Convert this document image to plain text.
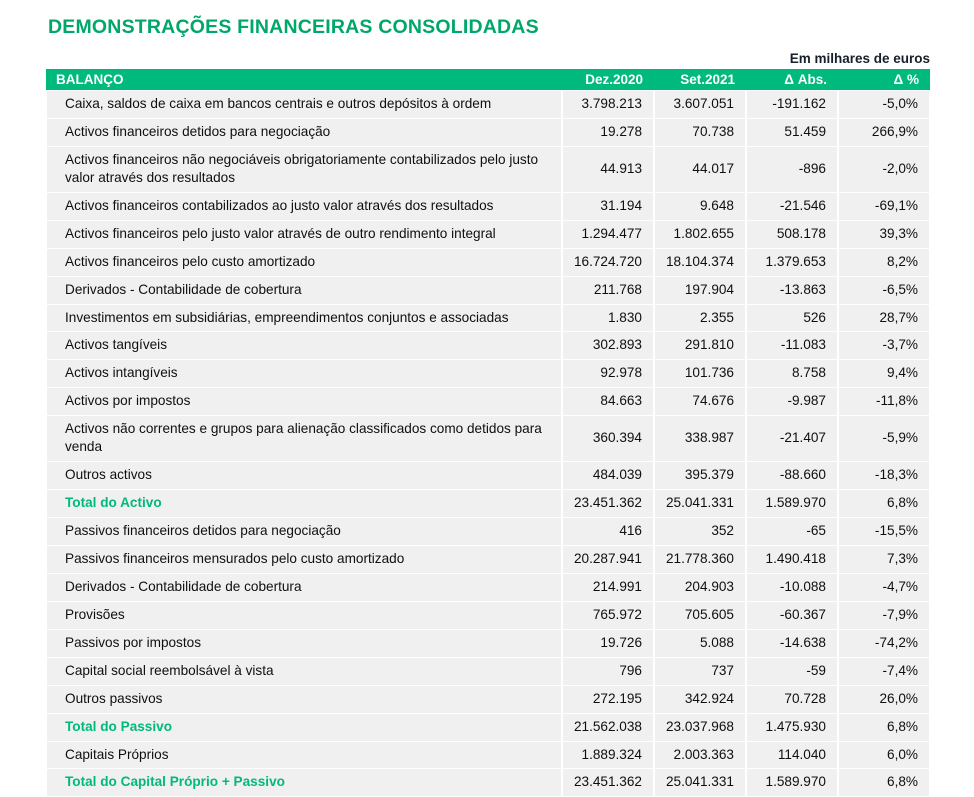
DEMONSTRAÇÕES FINANCEIRAS CONSOLIDADAS
Em milhares de euros
BALANÇO	Dez.2020	Set.2021	Δ Abs.	Δ %
Caixa, saldos de caixa em bancos centrais e outros depósitos à ordem	3.798.213	3.607.051	-191.162	-5,0%
Activos financeiros detidos para negociação	19.278	70.738	51.459	266,9%
Activos financeiros não negociáveis obrigatoriamente contabilizados pelo justo valor através dos resultados	44.913	44.017	-896	-2,0%
Activos financeiros contabilizados ao justo valor através dos resultados	31.194	9.648	-21.546	-69,1%
Activos financeiros pelo justo valor através de outro rendimento integral	1.294.477	1.802.655	508.178	39,3%
Activos financeiros pelo custo amortizado	16.724.720	18.104.374	1.379.653	8,2%
Derivados - Contabilidade de cobertura	211.768	197.904	-13.863	-6,5%
Investimentos em subsidiárias, empreendimentos conjuntos e associadas	1.830	2.355	526	28,7%
Activos tangíveis	302.893	291.810	-11.083	-3,7%
Activos intangíveis	92.978	101.736	8.758	9,4%
Activos por impostos	84.663	74.676	-9.987	-11,8%
Activos não correntes e grupos para alienação classificados como detidos para venda	360.394	338.987	-21.407	-5,9%
Outros activos	484.039	395.379	-88.660	-18,3%
Total do Activo	23.451.362	25.041.331	1.589.970	6,8%
Passivos financeiros detidos para negociação	416	352	-65	-15,5%
Passivos financeiros mensurados pelo custo amortizado	20.287.941	21.778.360	1.490.418	7,3%
Derivados - Contabilidade de cobertura	214.991	204.903	-10.088	-4,7%
Provisões	765.972	705.605	-60.367	-7,9%
Passivos por impostos	19.726	5.088	-14.638	-74,2%
Capital social reembolsável à vista	796	737	-59	-7,4%
Outros passivos	272.195	342.924	70.728	26,0%
Total do Passivo	21.562.038	23.037.968	1.475.930	6,8%
Capitais Próprios	1.889.324	2.003.363	114.040	6,0%
Total do Capital Próprio + Passivo	23.451.362	25.041.331	1.589.970	6,8%
